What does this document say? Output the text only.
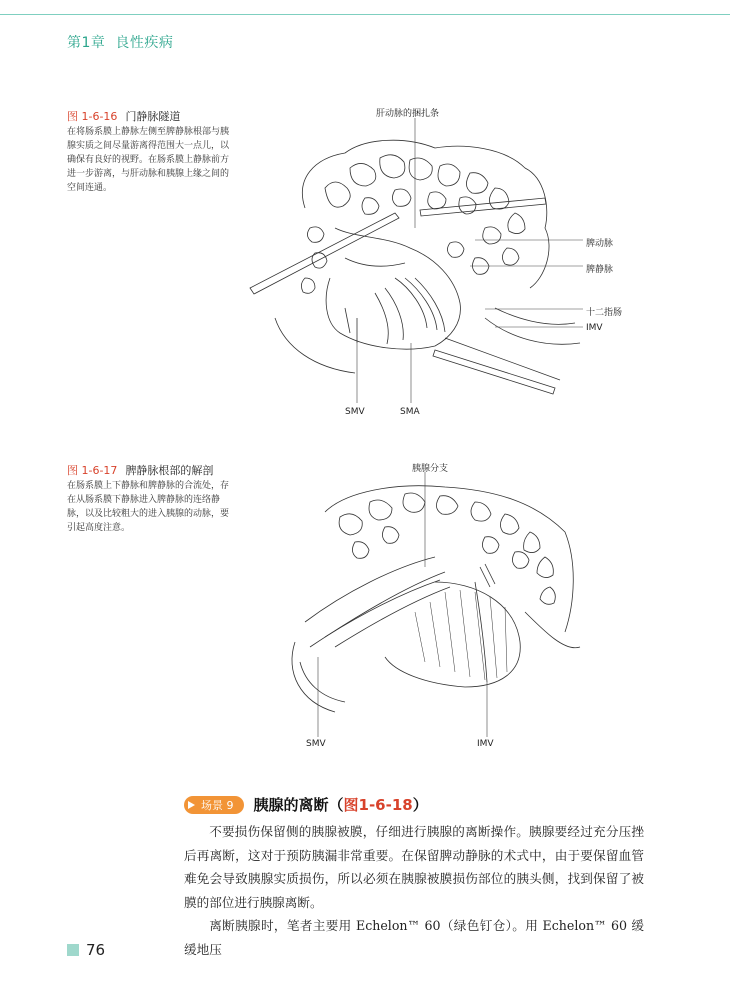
第1章 良性疾病
图 1-6-16 门静脉隧道
在将肠系膜上静脉左侧至脾静脉根部与胰腺实质之间尽量游离得范围大一点儿，以确保有良好的视野。在肠系膜上静脉前方进一步游离，与肝动脉和胰腺上缘之间的空间连通。
肝动脉的捆扎条
脾动脉
脾静脉
十二指肠
IMV
SMV	SMA
图 1-6-17 脾静脉根部的解剖
在肠系膜上下静脉和脾静脉的合流处，存在从肠系膜下静脉进入脾静脉的连络静脉，以及比较粗大的进入胰腺的动脉，要引起高度注意。
胰腺分支
SMV	IMV
场景 9 胰腺的离断（图1-6-18）

不要损伤保留侧的胰腺被膜，仔细进行胰腺的离断操作。胰腺要经过充分压挫后再离断，这对于预防胰漏非常重要。在保留脾动静脉的术式中，由于要保留血管难免会导致胰腺实质损伤，所以必须在胰腺被膜损伤部位的胰头侧，找到保留了被膜的部位进行胰腺离断。

离断胰腺时，笔者主要用 Echelon™ 60（绿色钉仓）。用 Echelon™ 60 缓缓地压

76
